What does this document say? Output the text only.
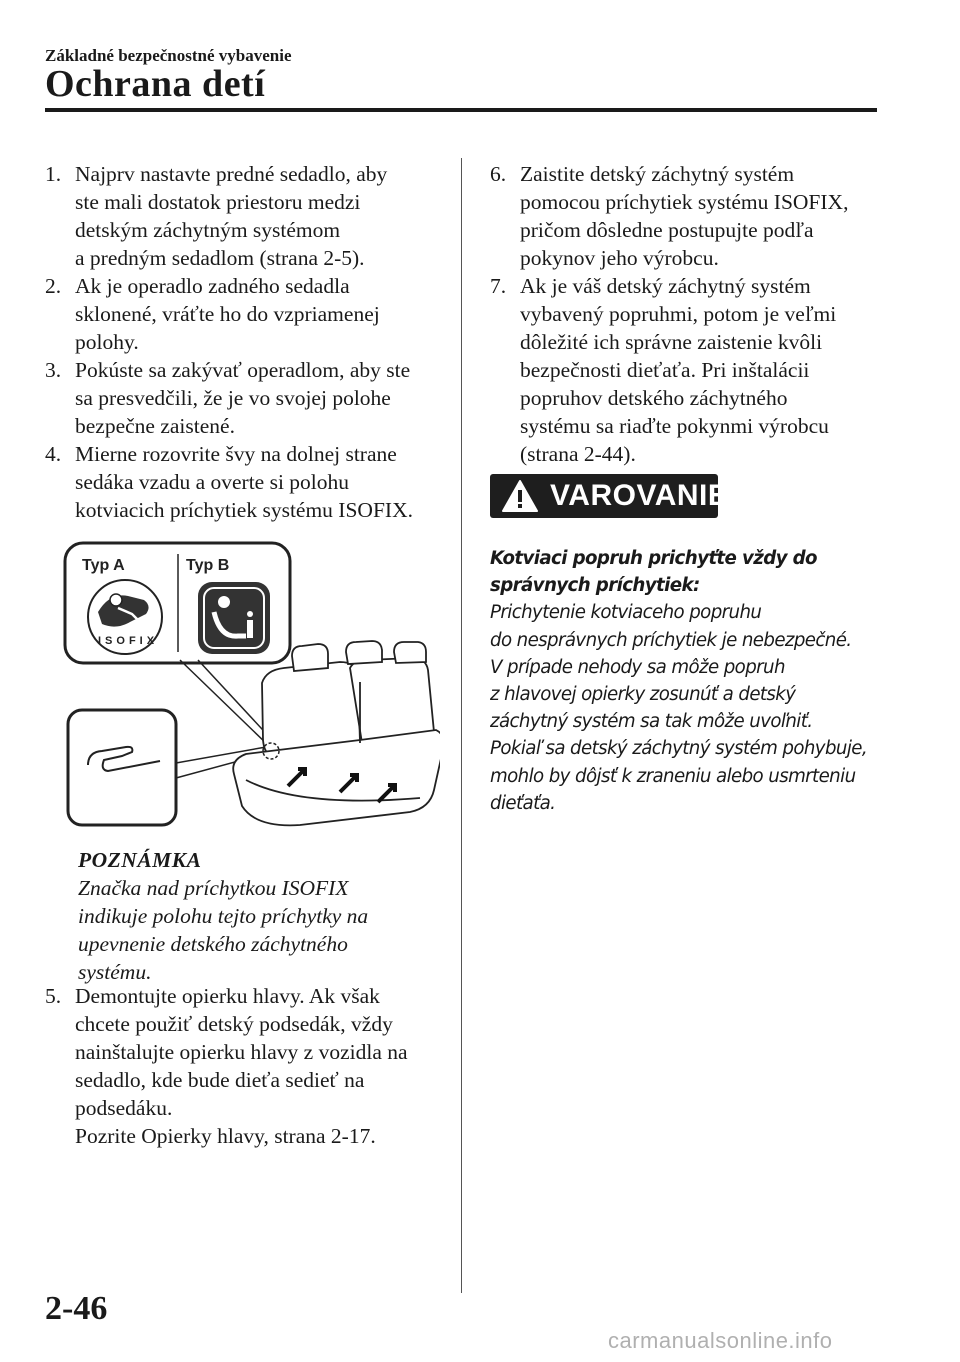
Základné bezpečnostné vybavenie
Ochrana detí
1. Najprv nastavte predné sedadlo, aby
ste mali dostatok priestoru medzi
detským záchytným systémom
a predným sedadlom (strana 2-5).
2. Ak je operadlo zadného sedadla
sklonené, vráťte ho do vzpriamenej
polohy.
3. Pokúste sa zakývať operadlom, aby ste
sa presvedčili, že je vo svojej polohe
bezpečne zaistené.
4. Mierne rozovrite švy na dolnej strane
sedáka vzadu a overte si polohu
kotviacich príchytiek systému ISOFIX.
Typ A	Typ B
ISOFIX
POZNÁMKA
Značka nad príchytkou ISOFIX
indikuje polohu tejto príchytky na
upevnenie detského záchytného
systému.
5. Demontujte opierku hlavy. Ak však
chcete použiť detský podsedák, vždy
nainštalujte opierku hlavy z vozidla na
sedadlo, kde bude dieťa sedieť na
podsedáku.
Pozrite Opierky hlavy, strana 2-17.
6. Zaistite detský záchytný systém
pomocou príchytiek systému ISOFIX,
pričom dôsledne postupujte podľa
pokynov jeho výrobcu.
7. Ak je váš detský záchytný systém
vybavený popruhmi, potom je veľmi
dôležité ich správne zaistenie kvôli
bezpečnosti dieťaťa. Pri inštalácii
popruhov detského záchytného
systému sa riaďte pokynmi výrobcu
(strana 2-44).
VAROVANIE
Kotviaci popruh prichyťte vždy do
správnych príchytiek:
Prichytenie kotviaceho popruhu
do nesprávnych príchytiek je nebezpečné.
V prípade nehody sa môže popruh
z hlavovej opierky zosunúť a detský
záchytný systém sa tak môže uvoľniť.
Pokiaľ sa detský záchytný systém pohybuje,
mohlo by dôjsť k zraneniu alebo usmrteniu
dieťaťa.
2-46
carmanualsonline.info
